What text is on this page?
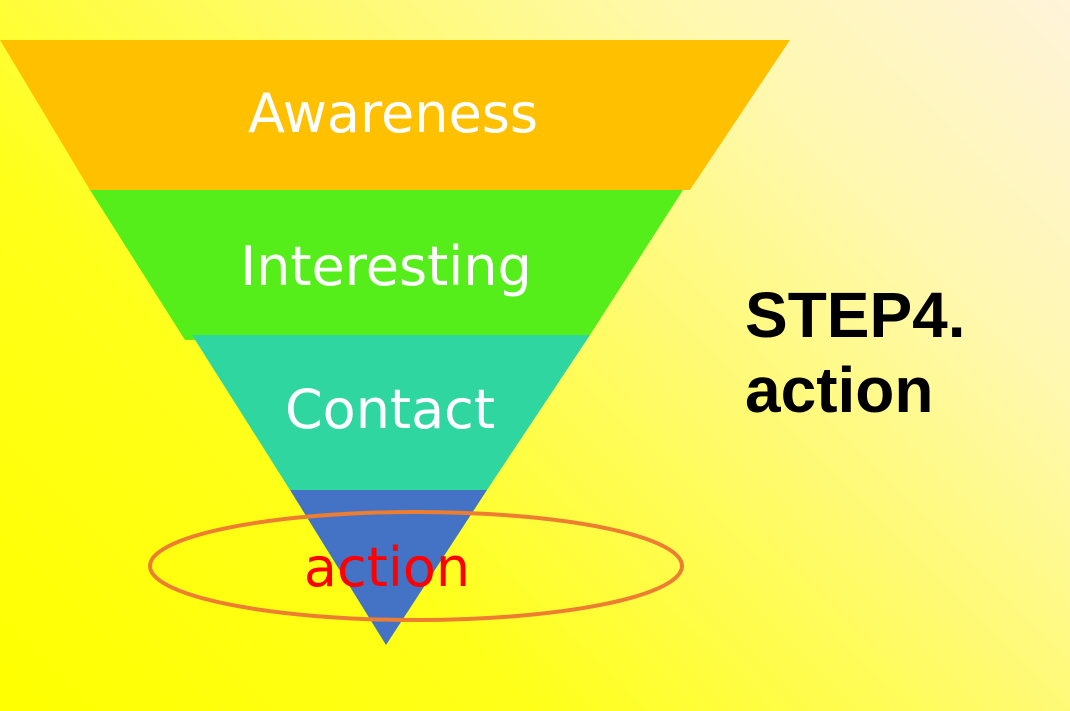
Awareness
Interesting
Contact
action
STEP4.
action
